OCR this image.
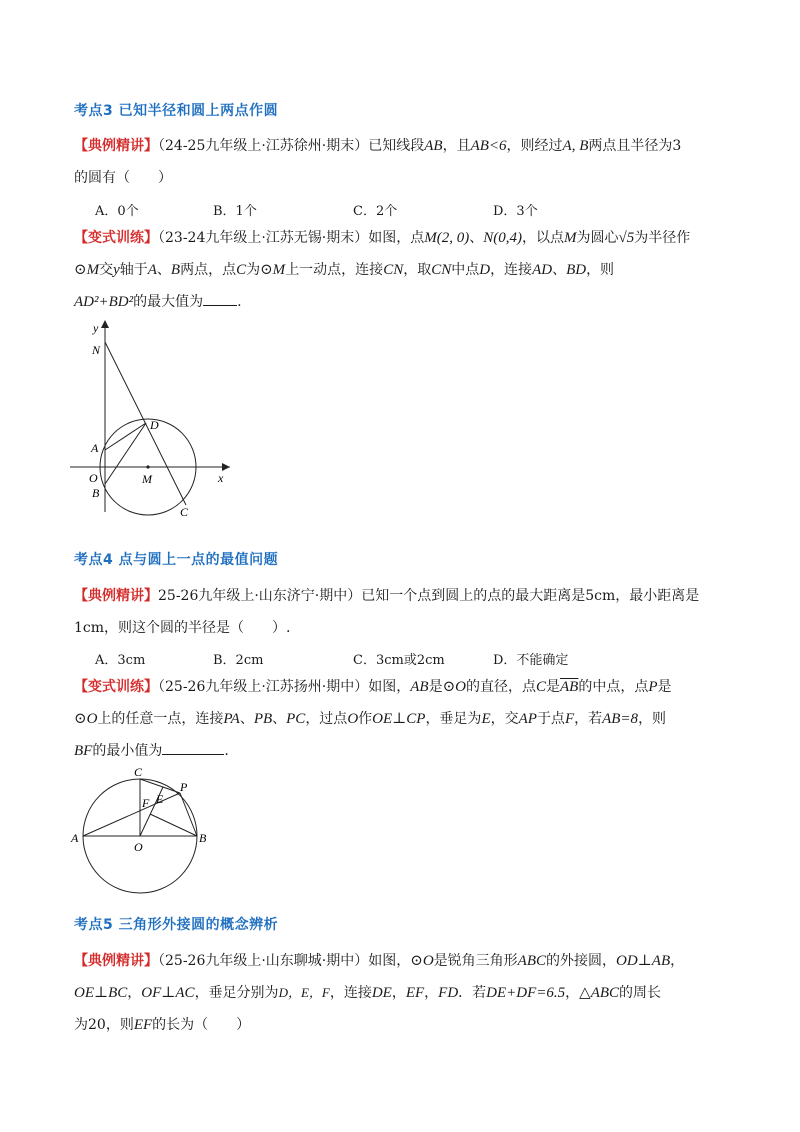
考点3 已知半径和圆上两点作圆
【典例精讲】（24-25九年级上·江苏徐州·期末）已知线段AB，且AB<6，则经过A, B两点且半径为3
的圆有（　　）
A．0个	B．1个	C．2个	D．3个
【变式训练】（23-24九年级上·江苏无锡·期末）如图，点M(2, 0)、N(0,4)，以点M为圆心√5为半径作
⊙M交y轴于A、B两点，点C为⊙M上一动点，连接CN，取CN中点D，连接AD、BD，则
AD²+BD²的最大值为 .
y
N
D
A
O
B
M	x
C
考点4 点与圆上一点的最值问题
【典例精讲】25-26九年级上·山东济宁·期中）已知一个点到圆上的点的最大距离是5cm，最小距离是
1cm，则这个圆的半径是（　　）.
A．3cm	B．2cm	C．3cm或2cm	D．不能确定
【变式训练】（25-26九年级上·江苏扬州·期中）如图，AB是⊙O的直径，点C是$\overline{AB}$的中点，点P是
⊙O上的任意一点，连接PA、PB、PC，过点O作OE⊥CP，垂足为E，交AP于点F，若AB=8，则
BF的最小值为	.
C
P
F E
A
O
B
考点5 三角形外接圆的概念辨析
【典例精讲】（25-26九年级上·山东聊城·期中）如图，⊙O是锐角三角形ABC的外接圆，OD⊥AB，
OE⊥BC，OF⊥AC，垂足分别为D，E，F，连接DE，EF，FD．若DE+DF=6.5，△ABC的周长
为20，则EF的长为（　　）
